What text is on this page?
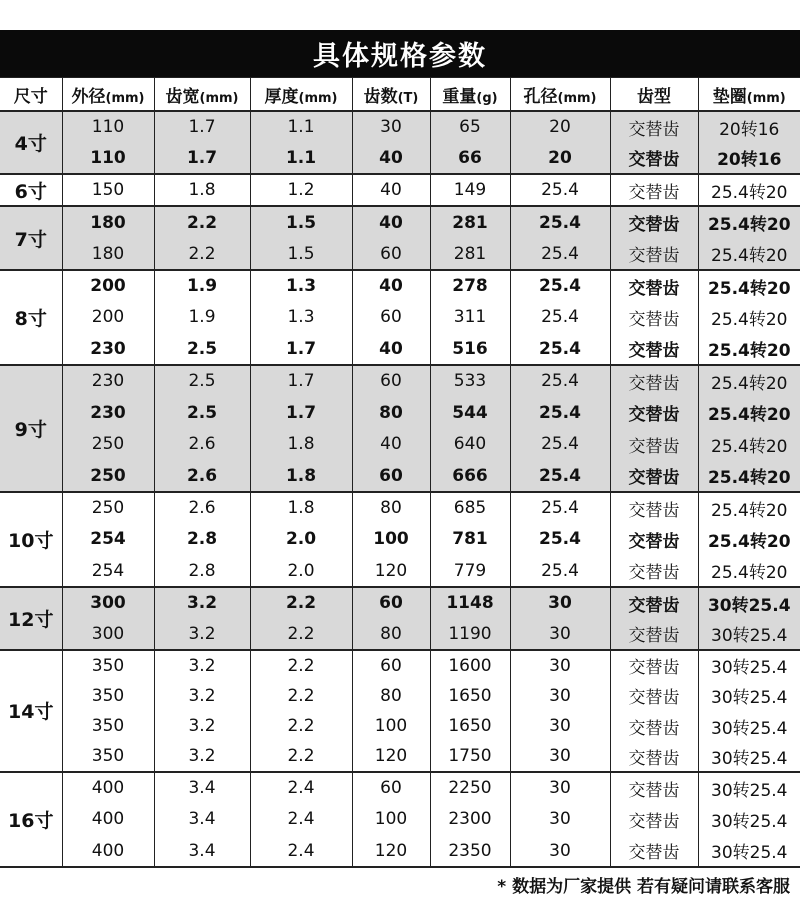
具体规格参数
尺寸	外径(mm)	齿宽(mm)	厚度(mm)	齿数(T)	重量(g)	孔径(mm)	齿型	垫圈(mm)
4寸	110	1.7	1.1	30	65	20	交替齿	20转16
	110	1.7	1.1	40	66	20	交替齿	20转16
6寸	150	1.8	1.2	40	149	25.4	交替齿	25.4转20
7寸	180	2.2	1.5	40	281	25.4	交替齿	25.4转20
	180	2.2	1.5	60	281	25.4	交替齿	25.4转20
8寸	200	1.9	1.3	40	278	25.4	交替齿	25.4转20
	200	1.9	1.3	60	311	25.4	交替齿	25.4转20
	230	2.5	1.7	40	516	25.4	交替齿	25.4转20
9寸	230	2.5	1.7	60	533	25.4	交替齿	25.4转20
	230	2.5	1.7	80	544	25.4	交替齿	25.4转20
	250	2.6	1.8	40	640	25.4	交替齿	25.4转20
	250	2.6	1.8	60	666	25.4	交替齿	25.4转20
10寸	250	2.6	1.8	80	685	25.4	交替齿	25.4转20
	254	2.8	2.0	100	781	25.4	交替齿	25.4转20
	254	2.8	2.0	120	779	25.4	交替齿	25.4转20
12寸	300	3.2	2.2	60	1148	30	交替齿	30转25.4
	300	3.2	2.2	80	1190	30	交替齿	30转25.4
14寸	350	3.2	2.2	60	1600	30	交替齿	30转25.4
	350	3.2	2.2	80	1650	30	交替齿	30转25.4
	350	3.2	2.2	100	1650	30	交替齿	30转25.4
	350	3.2	2.2	120	1750	30	交替齿	30转25.4
16寸	400	3.4	2.4	60	2250	30	交替齿	30转25.4
	400	3.4	2.4	100	2300	30	交替齿	30转25.4
	400	3.4	2.4	120	2350	30	交替齿	30转25.4
* 数据为厂家提供 若有疑问请联系客服
